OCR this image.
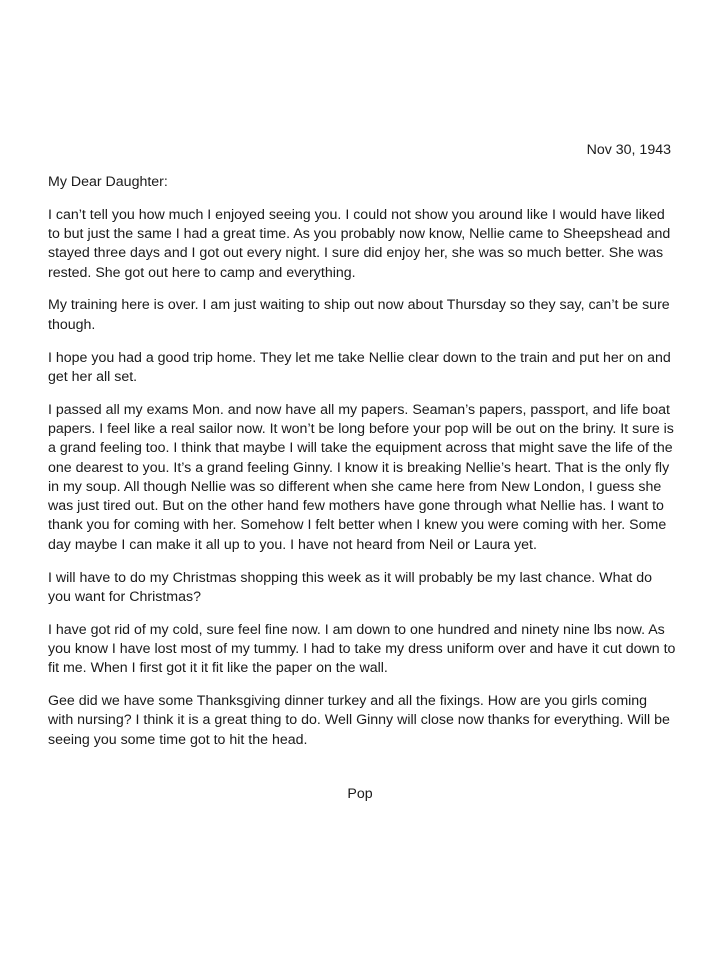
Nov 30, 1943

My Dear Daughter:

I can’t tell you how much I enjoyed seeing you. I could not show you around like I would have liked to but just the same I had a great time. As you probably now know, Nellie came to Sheepshead and stayed three days and I got out every night. I sure did enjoy her, she was so much better. She was rested. She got out here to camp and everything.

My training here is over. I am just waiting to ship out now about Thursday so they say, can’t be sure though.

I hope you had a good trip home. They let me take Nellie clear down to the train and put her on and get her all set.

I passed all my exams Mon. and now have all my papers. Seaman’s papers, passport, and life boat papers. I feel like a real sailor now. It won’t be long before your pop will be out on the briny. It sure is a grand feeling too. I think that maybe I will take the equipment across that might save the life of the one dearest to you. It’s a grand feeling Ginny. I know it is breaking Nellie’s heart. That is the only fly in my soup. All though Nellie was so different when she came here from New London, I guess she was just tired out. But on the other hand few mothers have gone through what Nellie has. I want to thank you for coming with her. Somehow I felt better when I knew you were coming with her. Some day maybe I can make it all up to you. I have not heard from Neil or Laura yet.

I will have to do my Christmas shopping this week as it will probably be my last chance. What do you want for Christmas?

I have got rid of my cold, sure feel fine now. I am down to one hundred and ninety nine lbs now. As you know I have lost most of my tummy. I had to take my dress uniform over and have it cut down to fit me. When I first got it it fit like the paper on the wall.

Gee did we have some Thanksgiving dinner turkey and all the fixings. How are you girls coming with nursing? I think it is a great thing to do. Well Ginny will close now thanks for everything. Will be seeing you some time got to hit the head.

Pop
